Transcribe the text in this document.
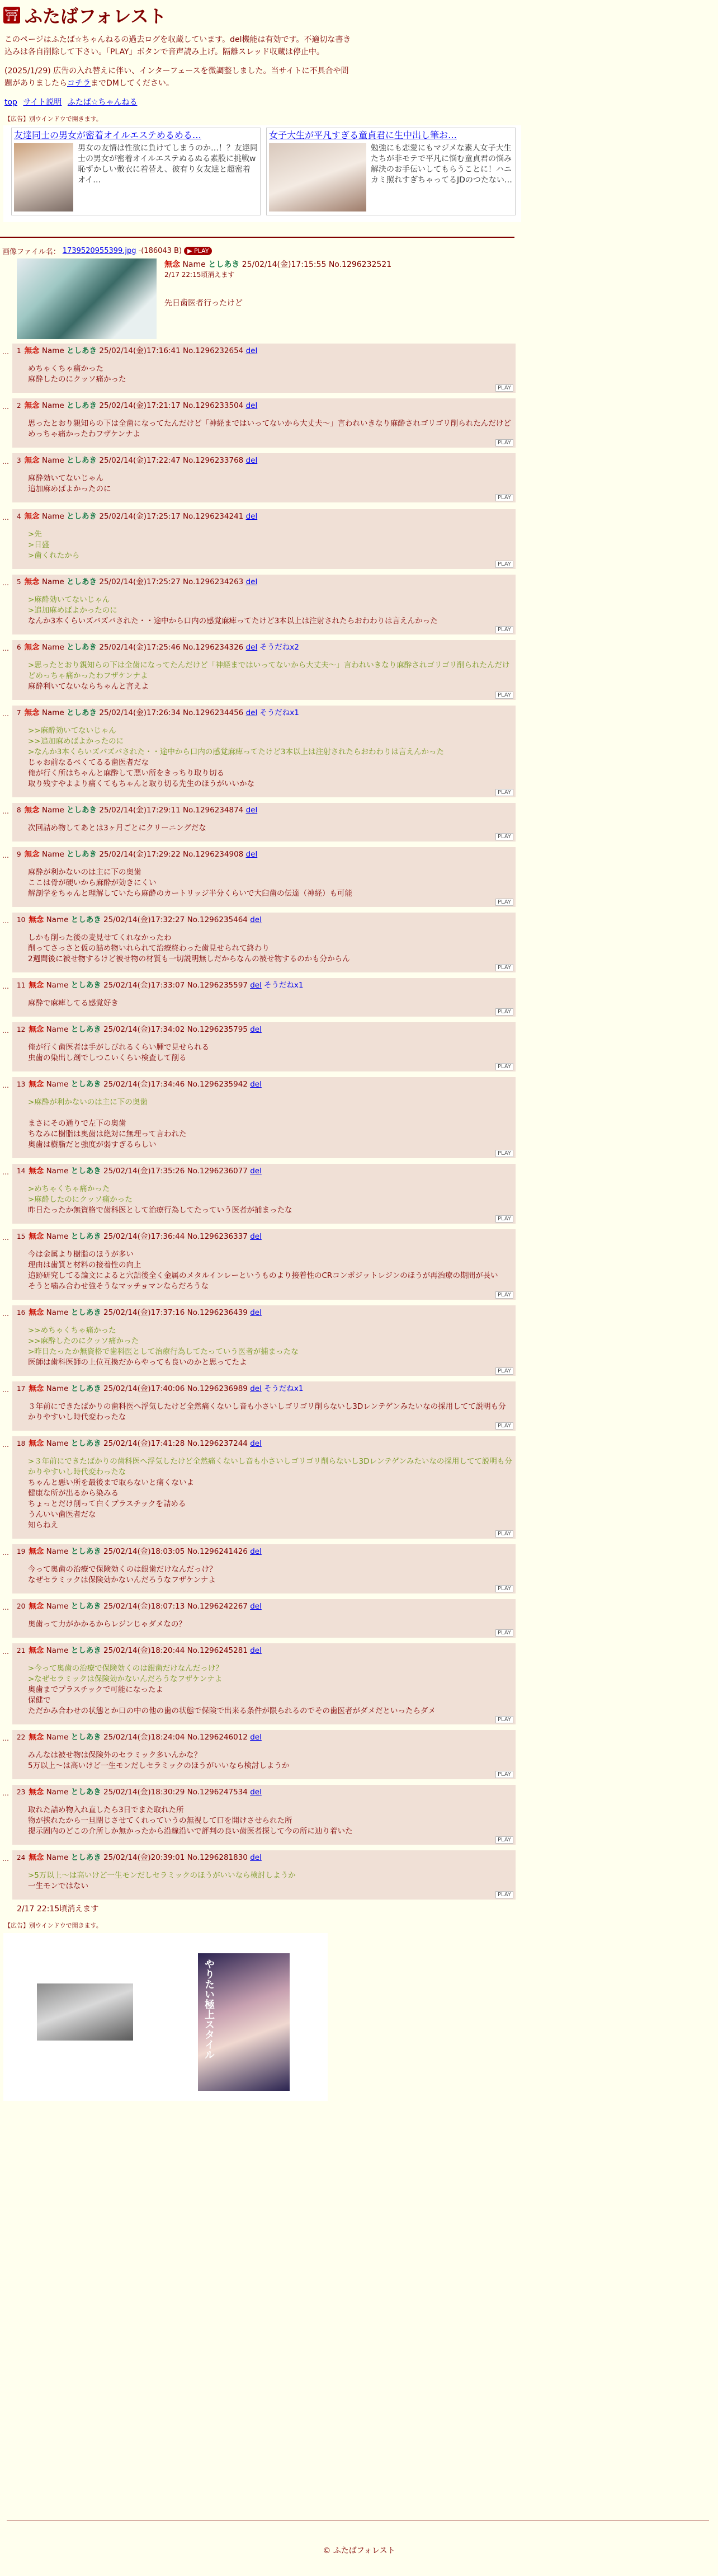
⛩ ふたばフォレスト

このページはふたば☆ちゃんねるの過去ログを収蔵しています。del機能は有効です。不適切な書き込みは各自削除して下さい。「PLAY」ボタンで音声読み上げ。隔離スレッド収蔵は停止中。

(2025/1/29) 広告の入れ替えに伴い、インターフェースを微調整しました。当サイトに不具合や問題がありましたらコチラまでDMしてください。

top サイト説明 ふたば☆ちゃんねる
【広告】別ウインドウで開きます。
友達同士の男女が密着オイルエステめるめる…
男女の友情は性欲に負けてしまうのか…！？友達同士の男女が密着オイルエステぬるぬる素股に挑戦w恥ずかしい敷衣に着替え、彼有り女友達と超密着オイ…
女子大生が平凡すぎる童貞君に生中出し筆お…
勉強にも恋愛にもマジメな素人女子大生たちが非モテで平凡に悩む童貞君の悩み解決のお手伝いしてもらうことに！ハニカミ照れすぎちゃってるJDのつたない…
画像ファイル名： 1739520955399.jpg -(186043 B) ▶ PLAY
無念 Name としあき 25/02/14(金)17:15:55 No.1296232521
2/17 22:15頃消えます
先日歯医者行ったけど
… 1 無念 Name としあき 25/02/14(金)17:16:41 No.1296232654 del
めちゃくちゃ痛かった
麻酔したのにクッソ痛かった
PLAY
… 2 無念 Name としあき 25/02/14(金)17:21:17 No.1296233504 del
思ったとおり親知らの下は全歯になってたんだけど「神経まではいってないから大丈夫～」言われいきなり麻酔されゴリゴリ削られたんだけどめっちゃ痛かったわフザケンナよ
PLAY
… 3 無念 Name としあき 25/02/14(金)17:22:47 No.1296233768 del
麻酔効いてないじゃん
追加麻めばよかったのに
PLAY
… 4 無念 Name としあき 25/02/14(金)17:25:17 No.1296234241 del
>先
>日盛
>歯くれたから
PLAY
… 5 無念 Name としあき 25/02/14(金)17:25:27 No.1296234263 del
>麻酔効いてないじゃん
>追加麻めばよかったのに
なんか3本くらいズバズバされた・・途中から口内の感覚麻痺ってたけど3本以上は注射されたらおわわりは言えんかった
PLAY
… 6 無念 Name としあき 25/02/14(金)17:25:46 No.1296234326 del そうだねx2
>思ったとおり親知らの下は全歯になってたんだけど「神経まではいってないから大丈夫～」言われいきなり麻酔されゴリゴリ削られたんだけどめっちゃ痛かったわフザケンナよ
麻酔利いてないならちゃんと言えよ
PLAY
… 7 無念 Name としあき 25/02/14(金)17:26:34 No.1296234456 del そうだねx1
>>麻酔効いてないじゃん
>>追加麻めばよかったのに
>なんか3本くらいズバズバされた・・途中から口内の感覚麻痺ってたけど3本以上は注射されたらおわわりは言えんかった
じゃお前なるべくてるる歯医者だな
俺が行く所はちゃんと麻酔して悪い所をきっちり取り切る
取り残すやよより痛くてもちゃんと取り切る先生のほうがいいかな
PLAY
… 8 無念 Name としあき 25/02/14(金)17:29:11 No.1296234874 del
次回詰め物してあとは3ヶ月ごとにクリーニングだな
PLAY
… 9 無念 Name としあき 25/02/14(金)17:29:22 No.1296234908 del
麻酔が利かないのは主に下の奥歯
ここは骨が硬いから麻酔が効きにくい
解剖学をちゃんと理解していたら麻酔のカートリッジ半分くらいで大臼歯の伝達（神経）も可能
PLAY
… 10 無念 Name としあき 25/02/14(金)17:32:27 No.1296235464 del
しかも削った後の麦見せてくれなかったわ
削ってさっさと仮の詰め物いれられて治療終わった歯見せられて終わり
2週間後に被せ物するけど被せ物の材質も一切説明無しだからなんの被せ物するのかも分からん
PLAY
… 11 無念 Name としあき 25/02/14(金)17:33:07 No.1296235597 del そうだねx1
麻酔で麻痺してる感覚好き
PLAY
… 12 無念 Name としあき 25/02/14(金)17:34:02 No.1296235795 del
俺が行く歯医者は手がしびれるくらい腫で見せられる
虫歯の染出し剤でしつこいくらい検査して削る
PLAY
… 13 無念 Name としあき 25/02/14(金)17:34:46 No.1296235942 del
>麻酔が利かないのは主に下の奥歯
まさにその通りで左下の奥歯
ちなみに樹脂は奥歯は絶対に無理って言われた
奥歯は樹脂だと強度が弱すぎるらしい
PLAY
… 14 無念 Name としあき 25/02/14(金)17:35:26 No.1296236077 del
>めちゃくちゃ痛かった
>麻酔したのにクッソ痛かった
昨日たったか無資格で歯科医として治療行為してたっていう医者が捕まったな
PLAY
… 15 無念 Name としあき 25/02/14(金)17:36:44 No.1296236337 del
今は金属より樹脂のほうが多い
理由は歯質と材料の接着性の向上
追跡研究してる論文によると穴詰後全く金属のメタルインレーというものより接着性のCRコンポジットレジンのほうが再治療の期間が長い
そうと噛み合わせ強そうなマッチョマンならだろうな
PLAY
… 16 無念 Name としあき 25/02/14(金)17:37:16 No.1296236439 del
>>めちゃくちゃ痛かった
>>麻酔したのにクッソ痛かった
>昨日たったか無資格で歯科医として治療行為してたっていう医者が捕まったな
医師は歯科医師の上位互換だからやっても良いのかと思ってたよ
PLAY
… 17 無念 Name としあき 25/02/14(金)17:40:06 No.1296236989 del そうだねx1
３年前にできたばかりの歯科医へ浮気したけど全然痛くないし音も小さいしゴリゴリ削らないし3Dレンテゲンみたいなの採用してて説明も分かりやすいし時代変わったな
PLAY
… 18 無念 Name としあき 25/02/14(金)17:41:28 No.1296237244 del
>３年前にできたばかりの歯科医へ浮気したけど全然痛くないし音も小さいしゴリゴリ削らないし3Dレンテゲンみたいなの採用してて説明も分かりやすいし時代変わったな
ちゃんと悪い所を最後まで取らないと痛くないよ
健康な所が出るから染みる
ちょっとだけ削って白くプラスチックを詰める
うんいい歯医者だな
知らねえ
PLAY
… 19 無念 Name としあき 25/02/14(金)18:03:05 No.1296241426 del
今って奥歯の治療で保険効くのは銀歯だけなんだっけ？
なぜセラミックは保険効かないんだろうなフザケンナよ
PLAY
… 20 無念 Name としあき 25/02/14(金)18:07:13 No.1296242267 del
奥歯って力がかかるからレジンじゃダメなの？
PLAY
… 21 無念 Name としあき 25/02/14(金)18:20:44 No.1296245281 del
>今って奥歯の治療で保険効くのは銀歯だけなんだっけ？
>なぜセラミックは保険効かないんだろうなフザケンナよ
奥歯までプラスチックで可能になったよ
保健で
ただかみ合わせの状態とか口の中の他の歯の状態で保険で出来る条件が限られるのでその歯医者がダメだといったらダメ
PLAY
… 22 無念 Name としあき 25/02/14(金)18:24:04 No.1296246012 del
みんなは被せ物は保険外のセラミック多いんかな？
5万以上～は高いけど一生モンだしセラミックのほうがいいなら検討しようか
PLAY
… 23 無念 Name としあき 25/02/14(金)18:30:29 No.1296247534 del
取れた詰め物入れ直したら3日でまた取れた所
物が挟れたから一旦閉じさせてくれっていうの無視して口を開けさせられた所
提示固内のどこの介所しか無かったから沿線沿いで評判の良い歯医者探して今の所に辿り着いた
PLAY
… 24 無念 Name としあき 25/02/14(金)20:39:01 No.1296281830 del
>5万以上～は高いけど一生モンだしセラミックのほうがいいなら検討しようか
一生モンではない
PLAY
2/17 22:15頃消えます
【広告】別ウインドウで開きます。
やりたい極上スタイル
© ふたばフォレスト
